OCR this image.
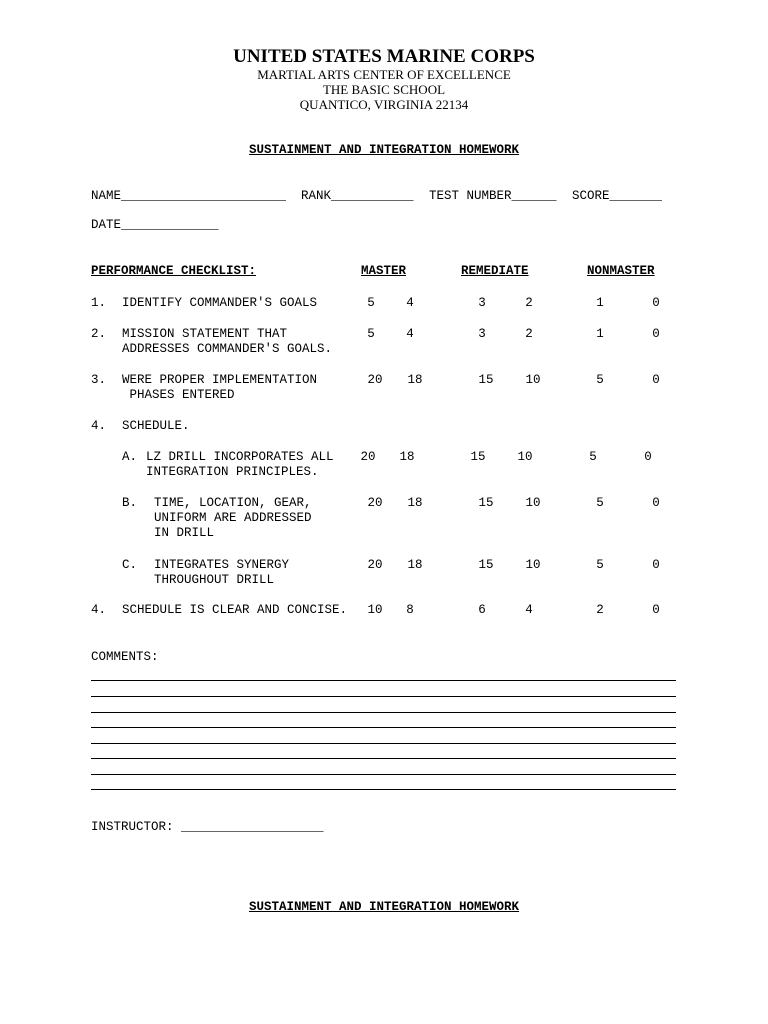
UNITED STATES MARINE CORPS
MARTIAL ARTS CENTER OF EXCELLENCE
THE BASIC SCHOOL
QUANTICO, VIRGINIA 22134
SUSTAINMENT AND INTEGRATION HOMEWORK
NAME______________________ RANK___________ TEST NUMBER______ SCORE_______
DATE_____________
PERFORMANCE CHECKLIST:	MASTER	REMEDIATE	NONMASTER
1. IDENTIFY COMMANDER'S GOALS	5	4	3	2	1	0
2. MISSION STATEMENT THAT
ADDRESSES COMMANDER'S GOALS.
5	4	3	2	1	0
3. WERE PROPER IMPLEMENTATION
PHASES ENTERED
20	18	15	10	5	0
4. SCHEDULE.
A. LZ DRILL INCORPORATES ALL
INTEGRATION PRINCIPLES.
20	18	15	10	5	0
B. TIME, LOCATION, GEAR,
UNIFORM ARE ADDRESSED
IN DRILL
20	18	15	10	5	0
C. INTEGRATES SYNERGY
THROUGHOUT DRILL
20	18	15	10	5	0
4. SCHEDULE IS CLEAR AND CONCISE.	10	8	6	4	2	0
COMMENTS:
INSTRUCTOR: ___________________
SUSTAINMENT AND INTEGRATION HOMEWORK
